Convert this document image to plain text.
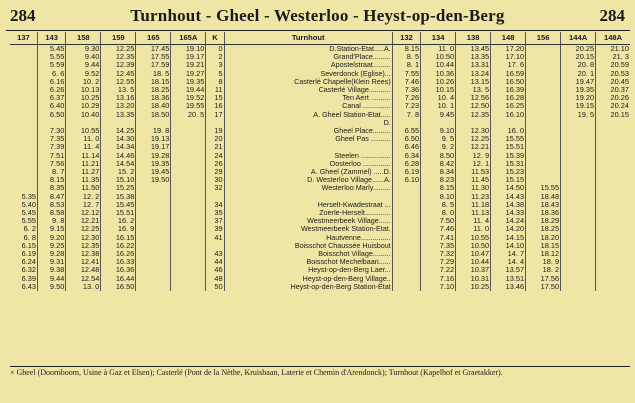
284	Turnhout - Gheel - Westerloo - Heyst-op-den-Berg	284
137	143	158	159	165	165A	K	Turnhout	132	134	138	148	156	144A	148A
	5.45	9.30	12.25	17.45	19.10	0	D.Station-Etat.....A.	8.15	11. 0	13.45	17.20		20.25	21.10
	5.55	9.40	12.35	17.55	19.17	2	Grand'Place.........	8. 5	10.50	13.35	17.10		20.15	21. 3
	5.59	9.44	12.39	17.59	19.21	3	Apostelstraat.........	8. 1	10.44	13.31	17. 6		20. 8	20.59
	6. 6	9.52	12.45	18. 5	19.27	5	Severdonck (Eglise)...	7.55	10.36	13.24	16.59		20. 1	20.53
	6.16	10. 2	12.55	18.15	19.35	8	Casterlé Chapelle(Klein Rees)	7.46	10.26	13.15	16.50		19.47	20.45
	6.26	10.13	13. 5	18.25	19.44	11	Casterlé Village...........	7.36	10.15	13. 5	16.39		19.35	20.37

	6.37	10.25	13.16	18.36	19.52	15	Ten Aert ..........	7.26	10. 4	12.56	16.28		19.20	20.26
	6.40	10.29	13.20	18.40	19.55	16	Canal ..............	7.23	10. 1	12.50	16.25		19.15	20.24
	6.50	10.40	13.35	18.50	20. 5	17	A. Gheel Station-Etat.....	7. 8	9.45	12.35	16.10		19. 5	20.15
							D.							
	7.30	10.55	14.25	19. 8		19	Gheel Place.........	6.55	9.10	12.30	16. 0			
	7.35	11. 0	14.30	19.13		20	Gheel Pas ..........	6.50	9. 5	12.25	15.55			
	7.39	11. 4	14.34	19.17		21		6.46	9. 2	12.21	15.51			
	7.51	11.14	14.46	19.28		24	Steelen ...............	6.34	8.50	12. 9	15.39			

	7.56	11.21	14.54	19.35		26	Oosterloo ..............	6.28	8.42	12. 1	15.31			
	8. 7	11.27	15. 2	19.45		29	A. Gheel (Zammel) .....D.	6.19	8.34	11.53	15.23			
	8.15	11.35	15.10	19.50		30	D. Westerloo Village......A.	6.10	8.23	11.45	15.15			
	8.35	11.50	15.25			32	Westerloo Marly.........		8.15	11.30	14.50	15.55		
5.35	8.47	12. 2	15.38						8.10	11.23	14.43	18.48		
5.40	8.53	12. 7	15.45			34	Herselt-Kwadestraat ...		8. 5	11.18	14.38	18.43		
5.45	8.58	12.12	15.51			35	Zoerle-Herselt.............		8. 0	11.13	14.33	18.36		
5.55	9. 8	12.21	16. 2			37	Westmeerbeek Village......		7.50	11. 4	14.24	18.29		
6. 2	9.15	12.25	16. 9			39	Westmeerbeek Station-Etat.		7.46	11. 0	14.20	18.25		
6. 8	9.20	12.30	16.15			41	Hautvenne...............		7.41	10.55	14.15	18.20		

6.15	9.25	12.35	16.22				Boisschot Chaussée Huisbout		7.35	10.50	14.10	18.15		
6.19	9.28	12.38	16.26			43	Boisschot Village.........		7.32	10.47	14. 7	18.12		
6.24	9.31	12.41	16.33			44	Boisschot Mechelbaan......		7.29	10.44	14. 4	18. 9		

6.32	9.38	12.48	16.36			46	Heyst-op-den-Berg Laer...		7.22	10.37	13.57	18. 2		
6.39	9.44	12.54	16.44			48	Heyst-op-den-Berg Village..		7.16	10.31	13.51	17.56		
6.43	9.50	13. 0	16.50			50	Heyst-op-den-Berg Station-Etat		7.10	10.25	13.46	17.50		
× Gheel (Doornboom, Usine à Gaz et Elsen); Casterlé (Pont de la Nèthe, Kruisbaan, Laterie et Chemin d'Arendonck); Turnhout (Kapelhof et Graetakker).
